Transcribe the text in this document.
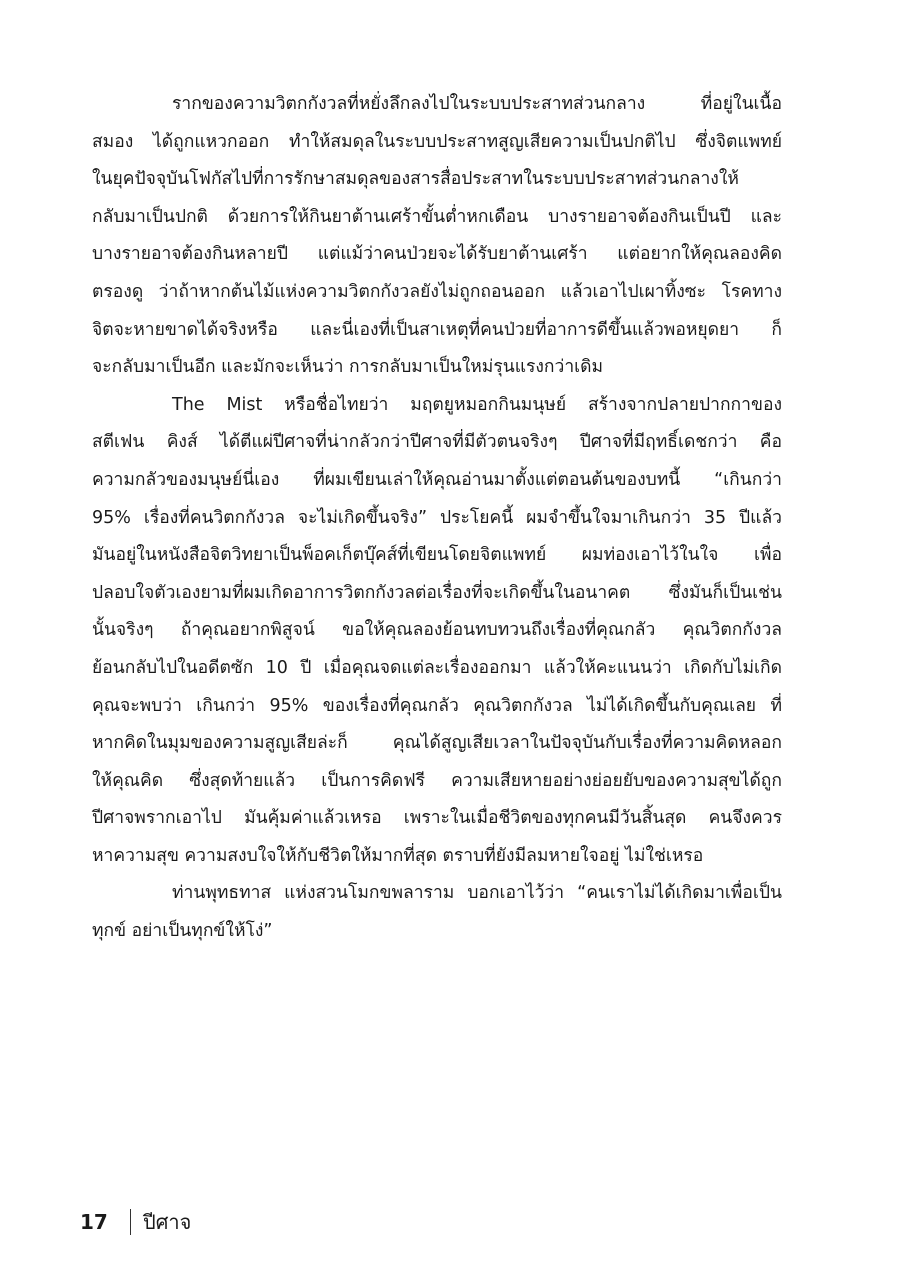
รากของความวิตกกังวลที่หยั่งลึกลงไปในระบบประสาทส่วนกลาง ที่อยู่ในเนื้อ
สมอง ได้ถูกแหวกออก ทำให้สมดุลในระบบประสาทสูญเสียความเป็นปกติไป ซึ่งจิตแพทย์
ในยุคปัจจุบันโฟกัสไปที่การรักษาสมดุลของสารสื่อประสาทในระบบประสาทส่วนกลางให้
กลับมาเป็นปกติ ด้วยการให้กินยาต้านเศร้าขั้นต่ำหกเดือน บางรายอาจต้องกินเป็นปี และ
บางรายอาจต้องกินหลายปี แต่แม้ว่าคนป่วยจะได้รับยาต้านเศร้า แต่อยากให้คุณลองคิด
ตรองดู ว่าถ้าหากต้นไม้แห่งความวิตกกังวลยังไม่ถูกถอนออก แล้วเอาไปเผาทิ้งซะ โรคทาง
จิตจะหายขาดได้จริงหรือ และนี่เองที่เป็นสาเหตุที่คนป่วยที่อาการดีขึ้นแล้วพอหยุดยา ก็
จะกลับมาเป็นอีก และมักจะเห็นว่า การกลับมาเป็นใหม่รุนแรงกว่าเดิม
The Mist หรือชื่อไทยว่า มฤตยูหมอกกินมนุษย์ สร้างจากปลายปากกาของ
สตีเฟน คิงส์ ได้ตีแผ่ปีศาจที่น่ากลัวกว่าปีศาจที่มีตัวตนจริงๆ ปีศาจที่มีฤทธิ์เดชกว่า คือ
ความกลัวของมนุษย์นี่เอง ที่ผมเขียนเล่าให้คุณอ่านมาตั้งแต่ตอนต้นของบทนี้ “เกินกว่า
95% เรื่องที่คนวิตกกังวล จะไม่เกิดขึ้นจริง” ประโยคนี้ ผมจำขึ้นใจมาเกินกว่า 35 ปีแล้ว
มันอยู่ในหนังสือจิตวิทยาเป็นพ็อคเก็ตบุ๊คส์ที่เขียนโดยจิตแพทย์ ผมท่องเอาไว้ในใจ เพื่อ
ปลอบใจตัวเองยามที่ผมเกิดอาการวิตกกังวลต่อเรื่องที่จะเกิดขึ้นในอนาคต ซึ่งมันก็เป็นเช่น
นั้นจริงๆ ถ้าคุณอยากพิสูจน์ ขอให้คุณลองย้อนทบทวนถึงเรื่องที่คุณกลัว คุณวิตกกังวล
ย้อนกลับไปในอดีตซัก 10 ปี เมื่อคุณจดแต่ละเรื่องออกมา แล้วให้คะแนนว่า เกิดกับไม่เกิด
คุณจะพบว่า เกินกว่า 95% ของเรื่องที่คุณกลัว คุณวิตกกังวล ไม่ได้เกิดขึ้นกับคุณเลย ที่
หากคิดในมุมของความสูญเสียล่ะก็ คุณได้สูญเสียเวลาในปัจจุบันกับเรื่องที่ความคิดหลอก
ให้คุณคิด ซึ่งสุดท้ายแล้ว เป็นการคิดฟรี ความเสียหายอย่างย่อยยับของความสุขได้ถูก
ปีศาจพรากเอาไป มันคุ้มค่าแล้วเหรอ เพราะในเมื่อชีวิตของทุกคนมีวันสิ้นสุด คนจึงควร
หาความสุข ความสงบใจให้กับชีวิตให้มากที่สุด ตราบที่ยังมีลมหายใจอยู่ ไม่ใช่เหรอ
ท่านพุทธทาส แห่งสวนโมกขพลาราม บอกเอาไว้ว่า “คนเราไม่ได้เกิดมาเพื่อเป็น
ทุกข์ อย่าเป็นทุกข์ให้โง่”
17	ปีศาจ
